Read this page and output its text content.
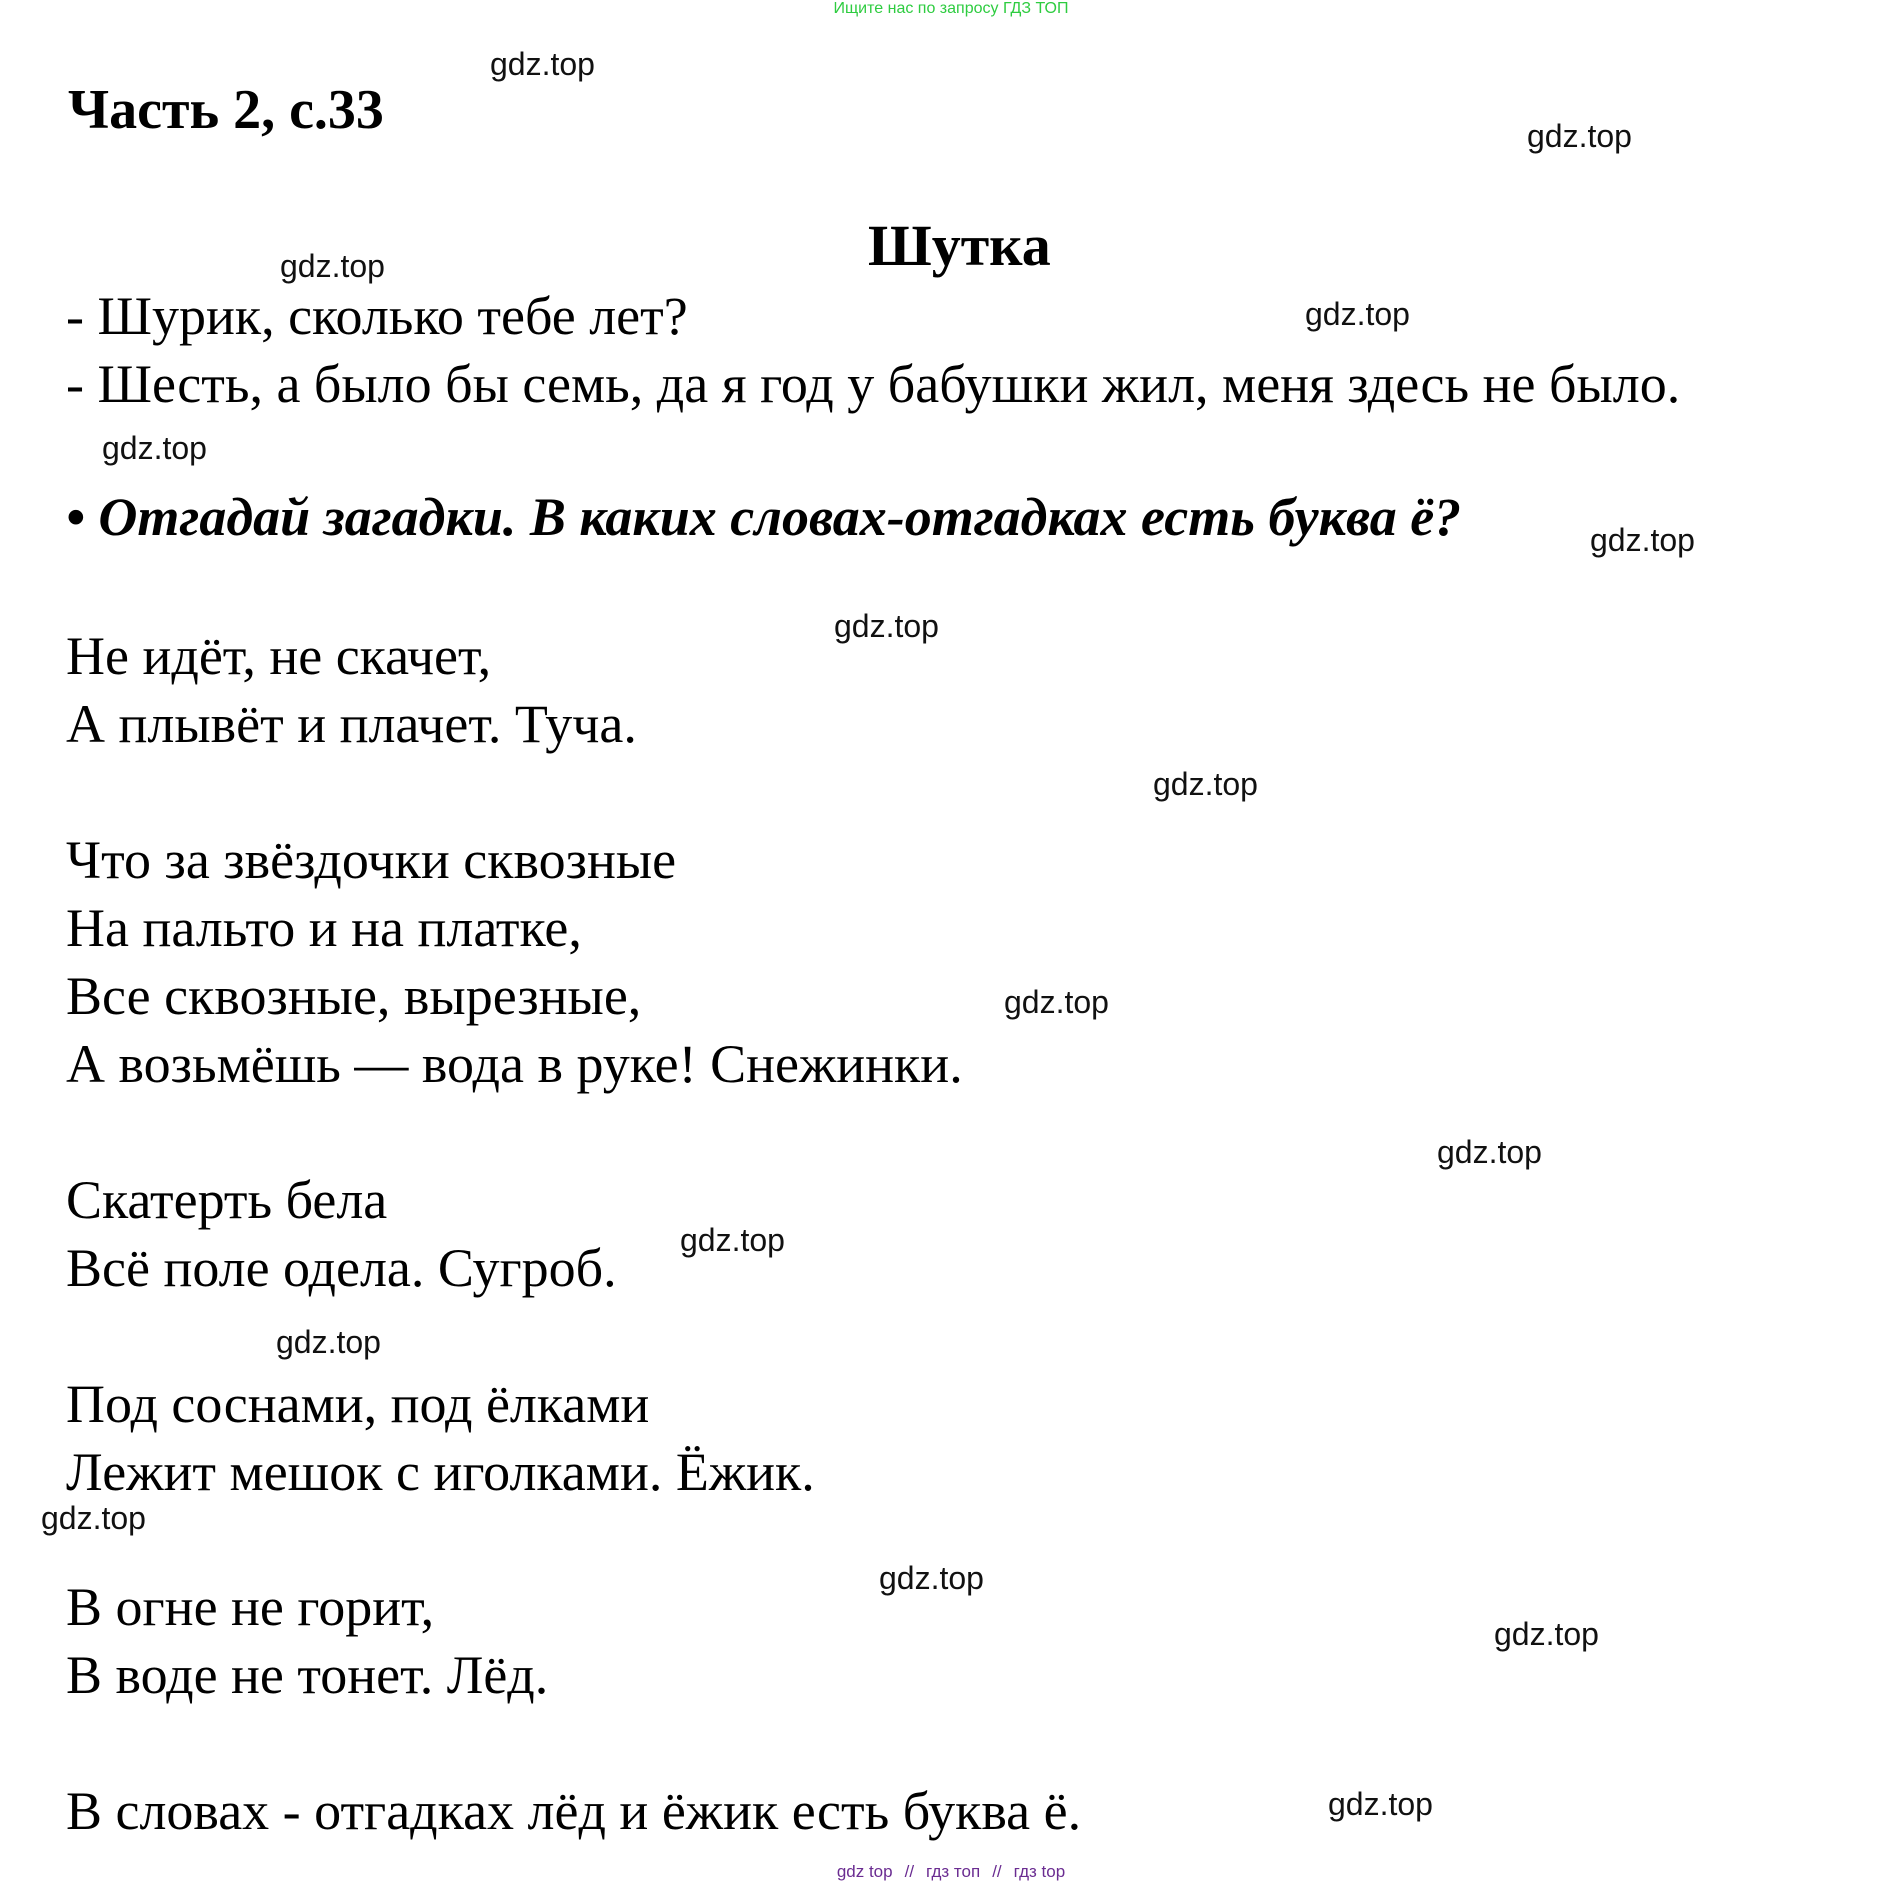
Ищите нас по запросу ГДЗ ТОП
Часть 2, с.33
Шутка
- Шурик, сколько тебе лет?
- Шесть, а было бы семь, да я год у бабушки жил, меня здесь не было.
• Отгадай загадки. В каких словах-отгадках есть буква ё?
Не идёт, не скачет,
А плывёт и плачет. Туча.
Что за звёздочки сквозные
На пальто и на платке,
Все сквозные, вырезные,
А возьмёшь — вода в руке! Снежинки.
Скатерть бела
Всё поле одела. Сугроб.
Под соснами, под ёлками
Лежит мешок с иголками. Ёжик.
В огне не горит,
В воде не тонет. Лёд.
В словах - отгадках лёд и ёжик есть буква ё.
gdz.top
gdz.top
gdz.top
gdz.top
gdz.top
gdz.top
gdz.top
gdz.top
gdz.top
gdz.top
gdz.top
gdz.top
gdz.top
gdz.top
gdz.top
gdz.top
gdz top // гдз топ // гдз top
